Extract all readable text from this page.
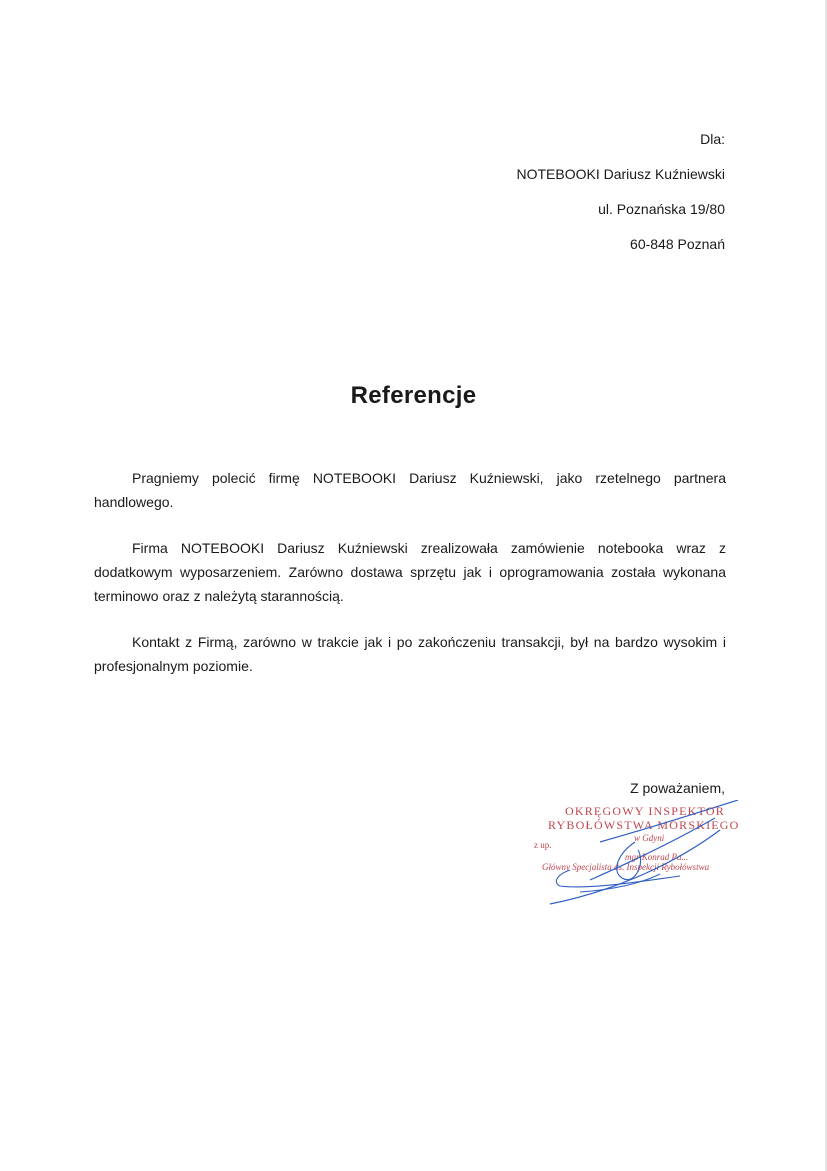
Dla:
NOTEBOOKI Dariusz Kuźniewski
ul. Poznańska 19/80
60-848 Poznań
Referencje

Pragniemy polecić firmę NOTEBOOKI Dariusz Kuźniewski, jako rzetelnego partnera handlowego.

Firma NOTEBOOKI Dariusz Kuźniewski zrealizowała zamówienie notebooka wraz z dodatkowym wyposarzeniem. Zarówno dostawa sprzętu jak i oprogramowania została wykonana terminowo oraz z należytą starannością.

Kontakt z Firmą, zarówno w trakcie jak i po zakończeniu transakcji, był na bardzo wysokim i profesjonalnym poziomie.

Z poważaniem,
OKRĘGOWY INSPEKTOR
RYBOŁÓWSTWA MORSKIEGO
w Gdyni
z up.
mgr Konrad Pa...
Główny Specjalista ds. Inspekcji Rybołówstwa
